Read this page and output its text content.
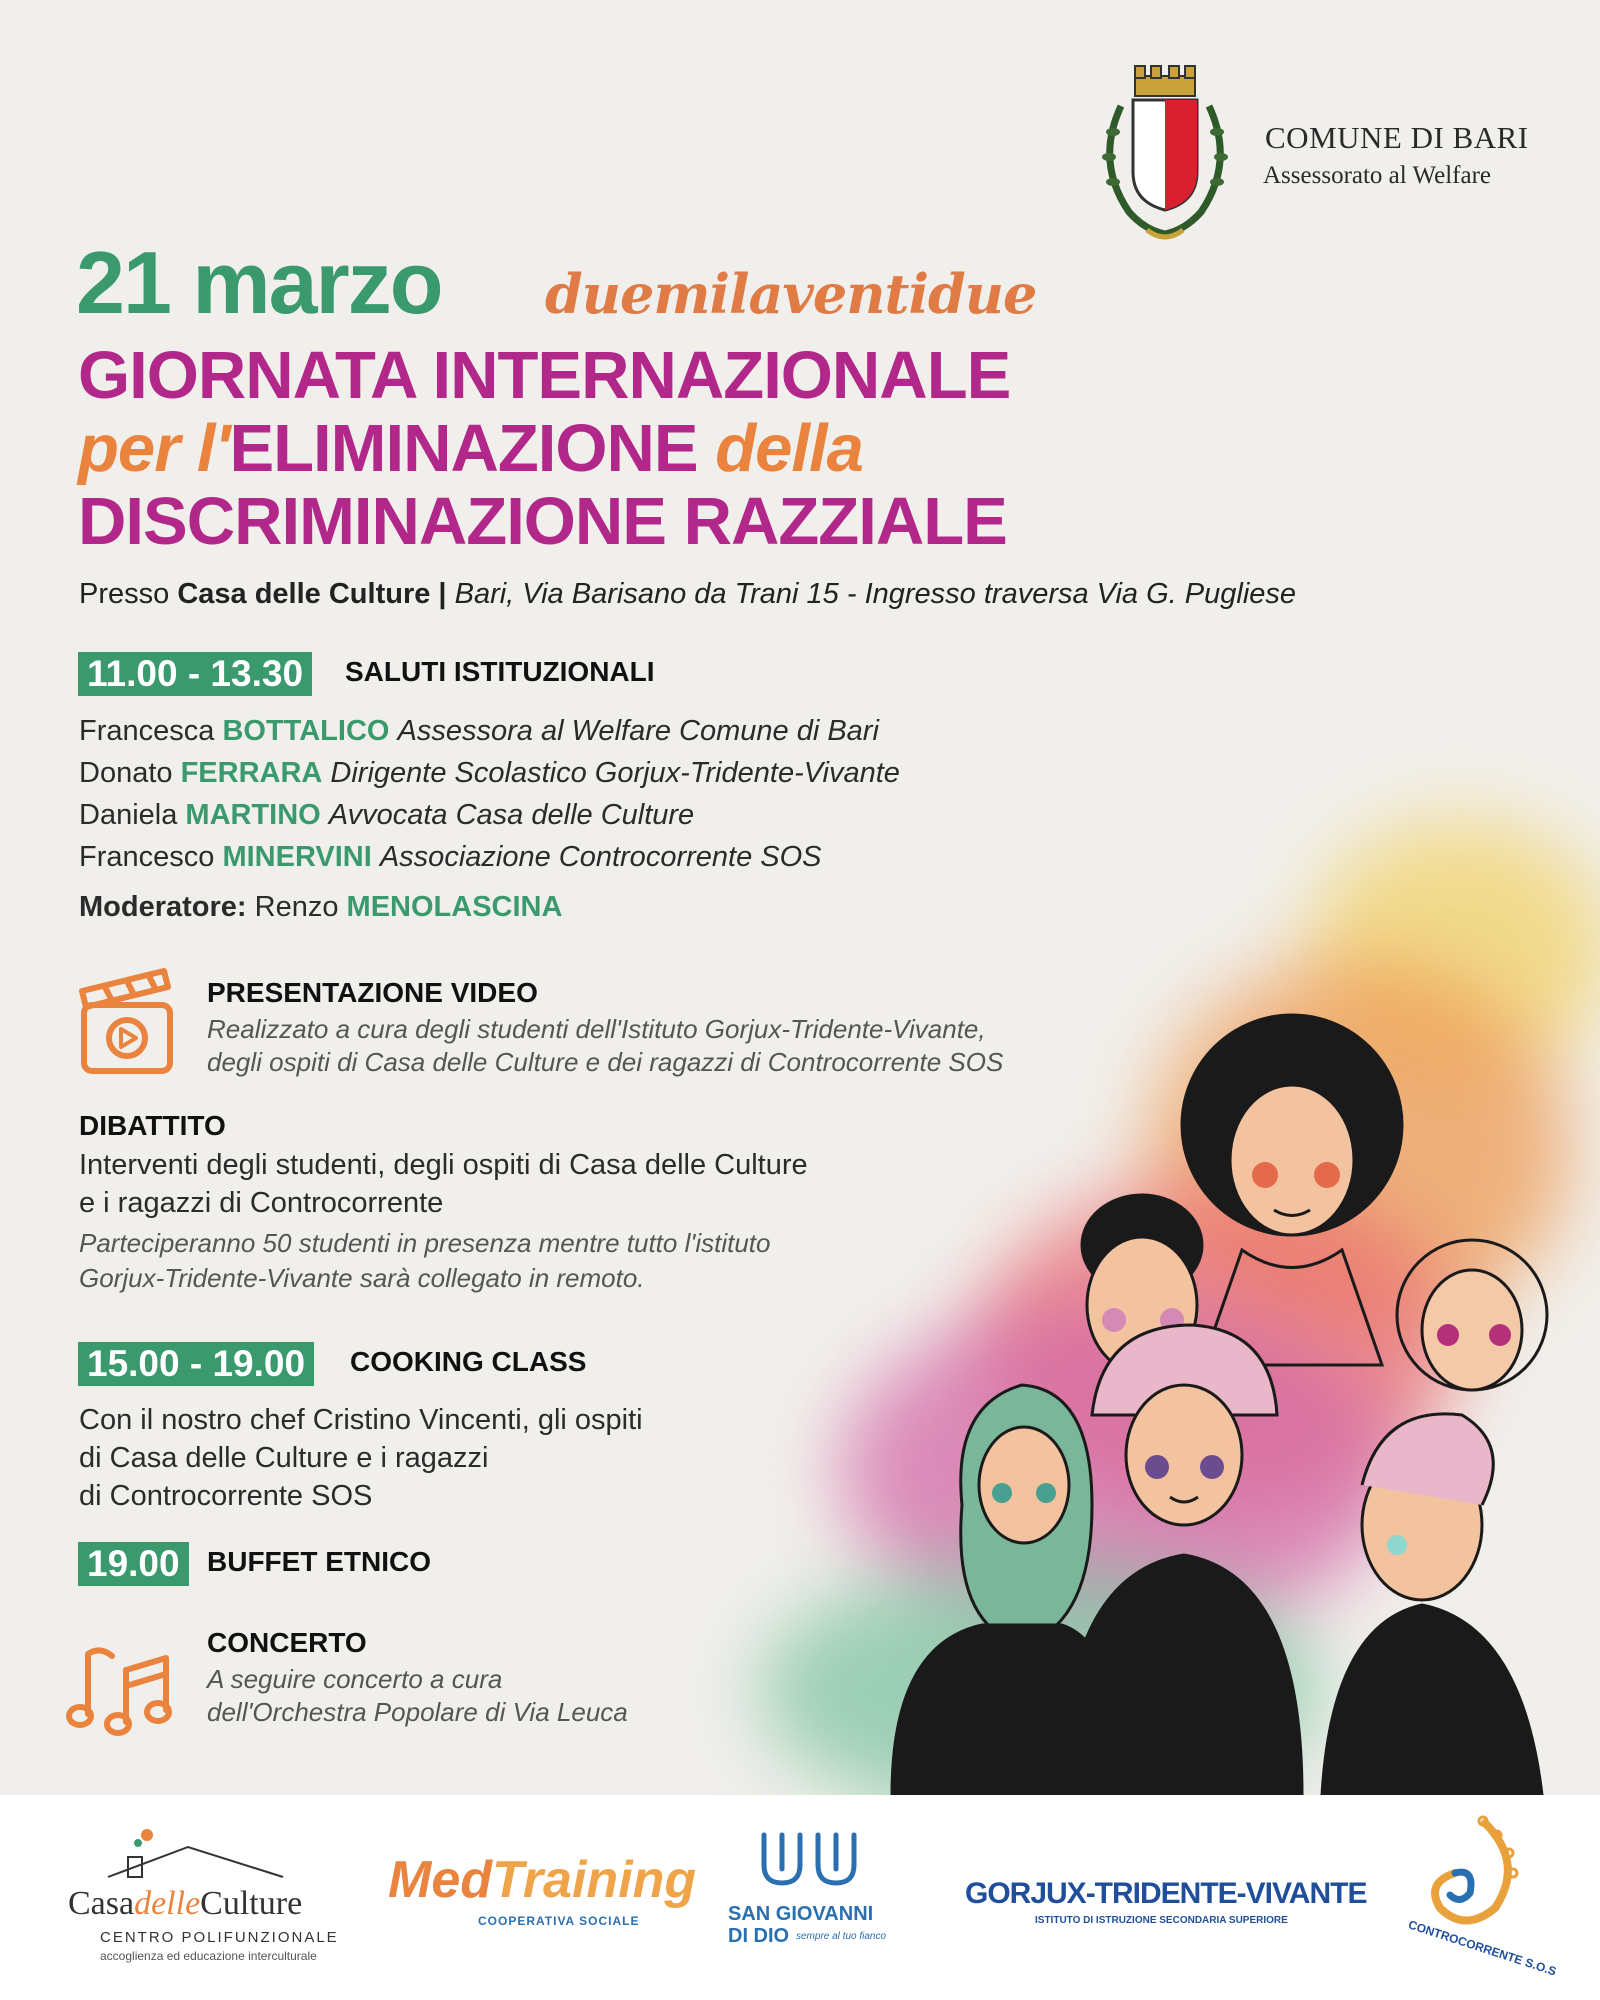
COMUNE DI BARI
Assessorato al Welfare
21 marzo duemilaventidue
GIORNATA INTERNAZIONALE
per l'ELIMINAZIONE della
DISCRIMINAZIONE RAZZIALE
Presso Casa delle Culture | Bari, Via Barisano da Trani 15 - Ingresso traversa Via G. Pugliese
11.00 - 13.30	SALUTI ISTITUZIONALI
Francesca BOTTALICO Assessora al Welfare Comune di Bari
Donato FERRARA Dirigente Scolastico Gorjux-Tridente-Vivante
Daniela MARTINO Avvocata Casa delle Culture
Francesco MINERVINI Associazione Controcorrente SOS
Moderatore: Renzo MENOLASCINA
PRESENTAZIONE VIDEO
Realizzato a cura degli studenti dell'Istituto Gorjux-Tridente-Vivante,
degli ospiti di Casa delle Culture e dei ragazzi di Controcorrente SOS
DIBATTITO
Interventi degli studenti, degli ospiti di Casa delle Culture
e i ragazzi di Controcorrente
Parteciperanno 50 studenti in presenza mentre tutto l'istituto
Gorjux-Tridente-Vivante sarà collegato in remoto.
15.00 - 19.00	COOKING CLASS
Con il nostro chef Cristino Vincenti, gli ospiti
di Casa delle Culture e i ragazzi
di Controcorrente SOS
19.00 BUFFET ETNICO
CONCERTO
A seguire concerto a cura
dell'Orchestra Popolare di Via Leuca
CasadelleCulture
CENTRO POLIFUNZIONALE
accoglienza ed educazione interculturale
MedTraining
COOPERATIVA SOCIALE	SAN GIOVANNI
DI DIO sempre al tuo fianco
GORJUX-TRIDENTE-VIVANTE
ISTITUTO DI ISTRUZIONE SECONDARIA SUPERIORE	CONTROCORRENTE S.O.S
